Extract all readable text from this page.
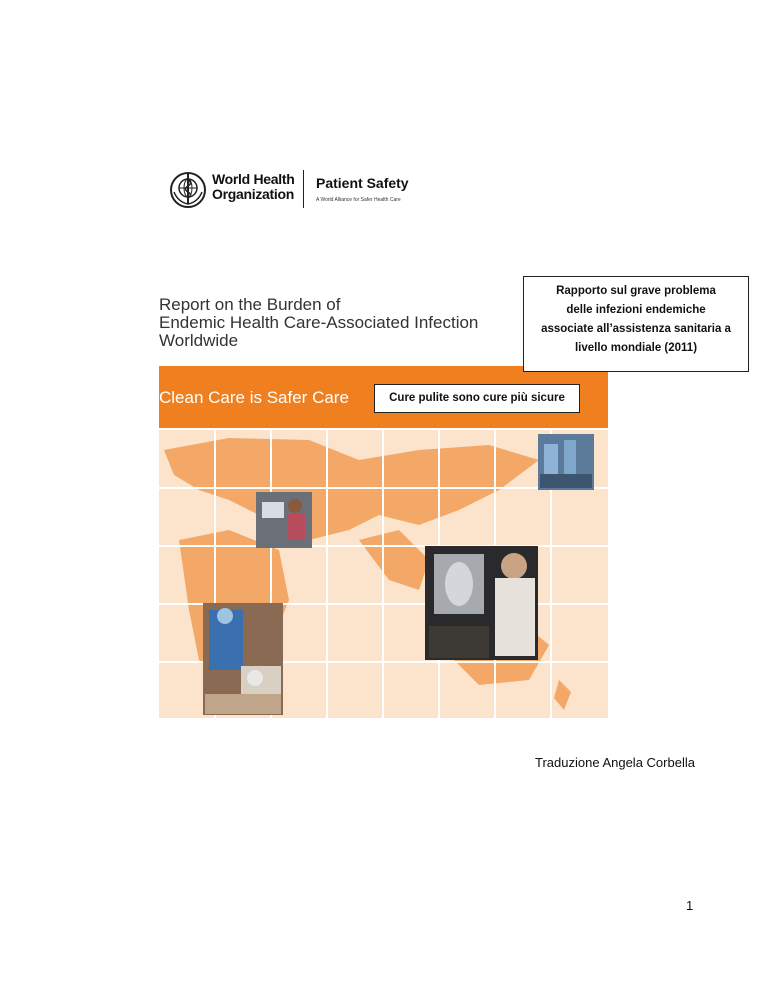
World Health
Organization
Patient Safety
A World Alliance for Safer Health Care
Report on the Burden of
Endemic Health Care-Associated Infection
Worldwide
Clean Care is Safer Care
Rapporto sul grave problema
delle infezioni endemiche
associate all’assistenza sanitaria a
livello mondiale (2011)
Cure pulite sono cure più sicure
Traduzione Angela Corbella
1
